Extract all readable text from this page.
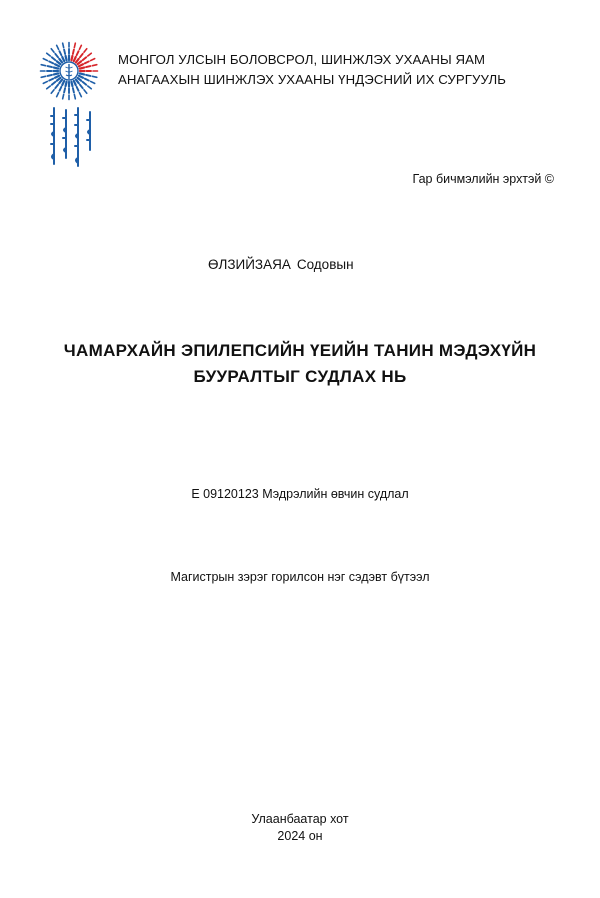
МОНГОЛ УЛСЫН БОЛОВСРОЛ, ШИНЖЛЭХ УХААНЫ ЯАМ
АНАГААХЫН ШИНЖЛЭХ УХААНЫ ҮНДЭСНИЙ ИХ СУРГУУЛЬ
Гар бичмэлийн эрхтэй ©
ӨЛЗИЙЗАЯА Содовын
ЧАМАРХАЙН ЭПИЛЕПСИЙН ҮЕИЙН ТАНИН МЭДЭХҮЙН
БУУРАЛТЫГ СУДЛАХ НЬ
Е 09120123 Мэдрэлийн өвчин судлал
Магистрын зэрэг горилсон нэг сэдэвт бүтээл
Улаанбаатар хот
2024 он
